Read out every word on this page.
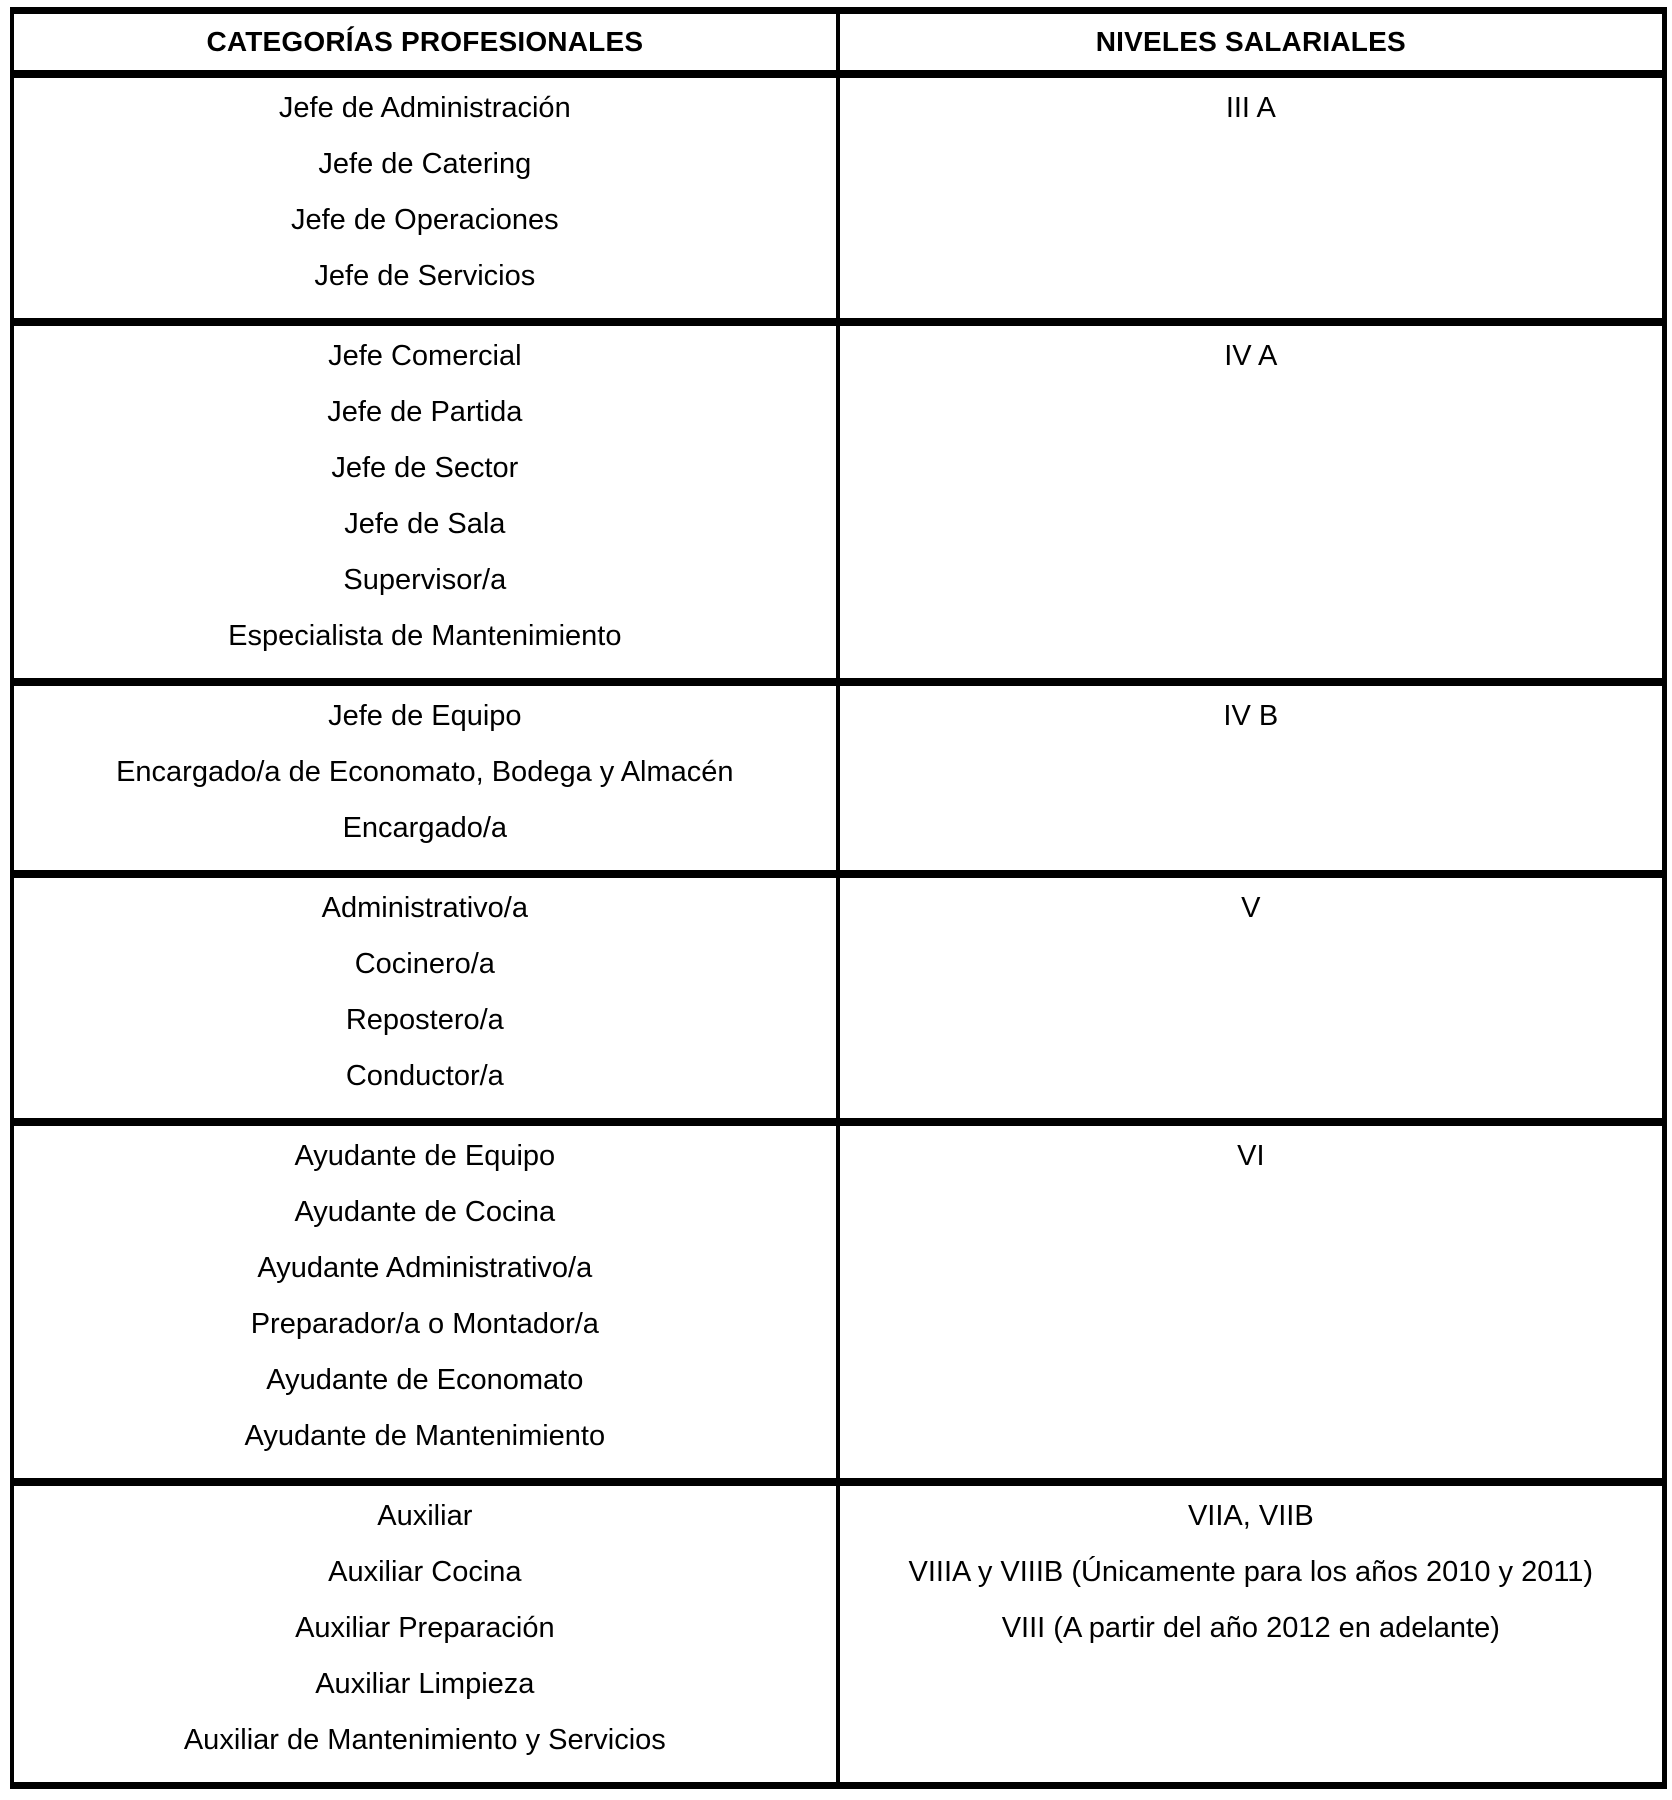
CATEGORÍAS PROFESIONALES	NIVELES SALARIALES
Jefe de Administración
Jefe de Catering
Jefe de Operaciones
Jefe de Servicios
III A
Jefe Comercial
Jefe de Partida
Jefe de Sector
Jefe de Sala
Supervisor/a
Especialista de Mantenimiento
IV A
Jefe de Equipo
Encargado/a de Economato, Bodega y Almacén
Encargado/a
IV B
Administrativo/a
Cocinero/a
Repostero/a
Conductor/a
V
Ayudante de Equipo
Ayudante de Cocina
Ayudante Administrativo/a
Preparador/a o Montador/a
Ayudante de Economato
Ayudante de Mantenimiento
VI
Auxiliar
Auxiliar Cocina
Auxiliar Preparación
Auxiliar Limpieza
Auxiliar de Mantenimiento y Servicios
VIIA, VIIB
VIIIA y VIIIB (Únicamente para los años 2010 y 2011)
VIII (A partir del año 2012 en adelante)
